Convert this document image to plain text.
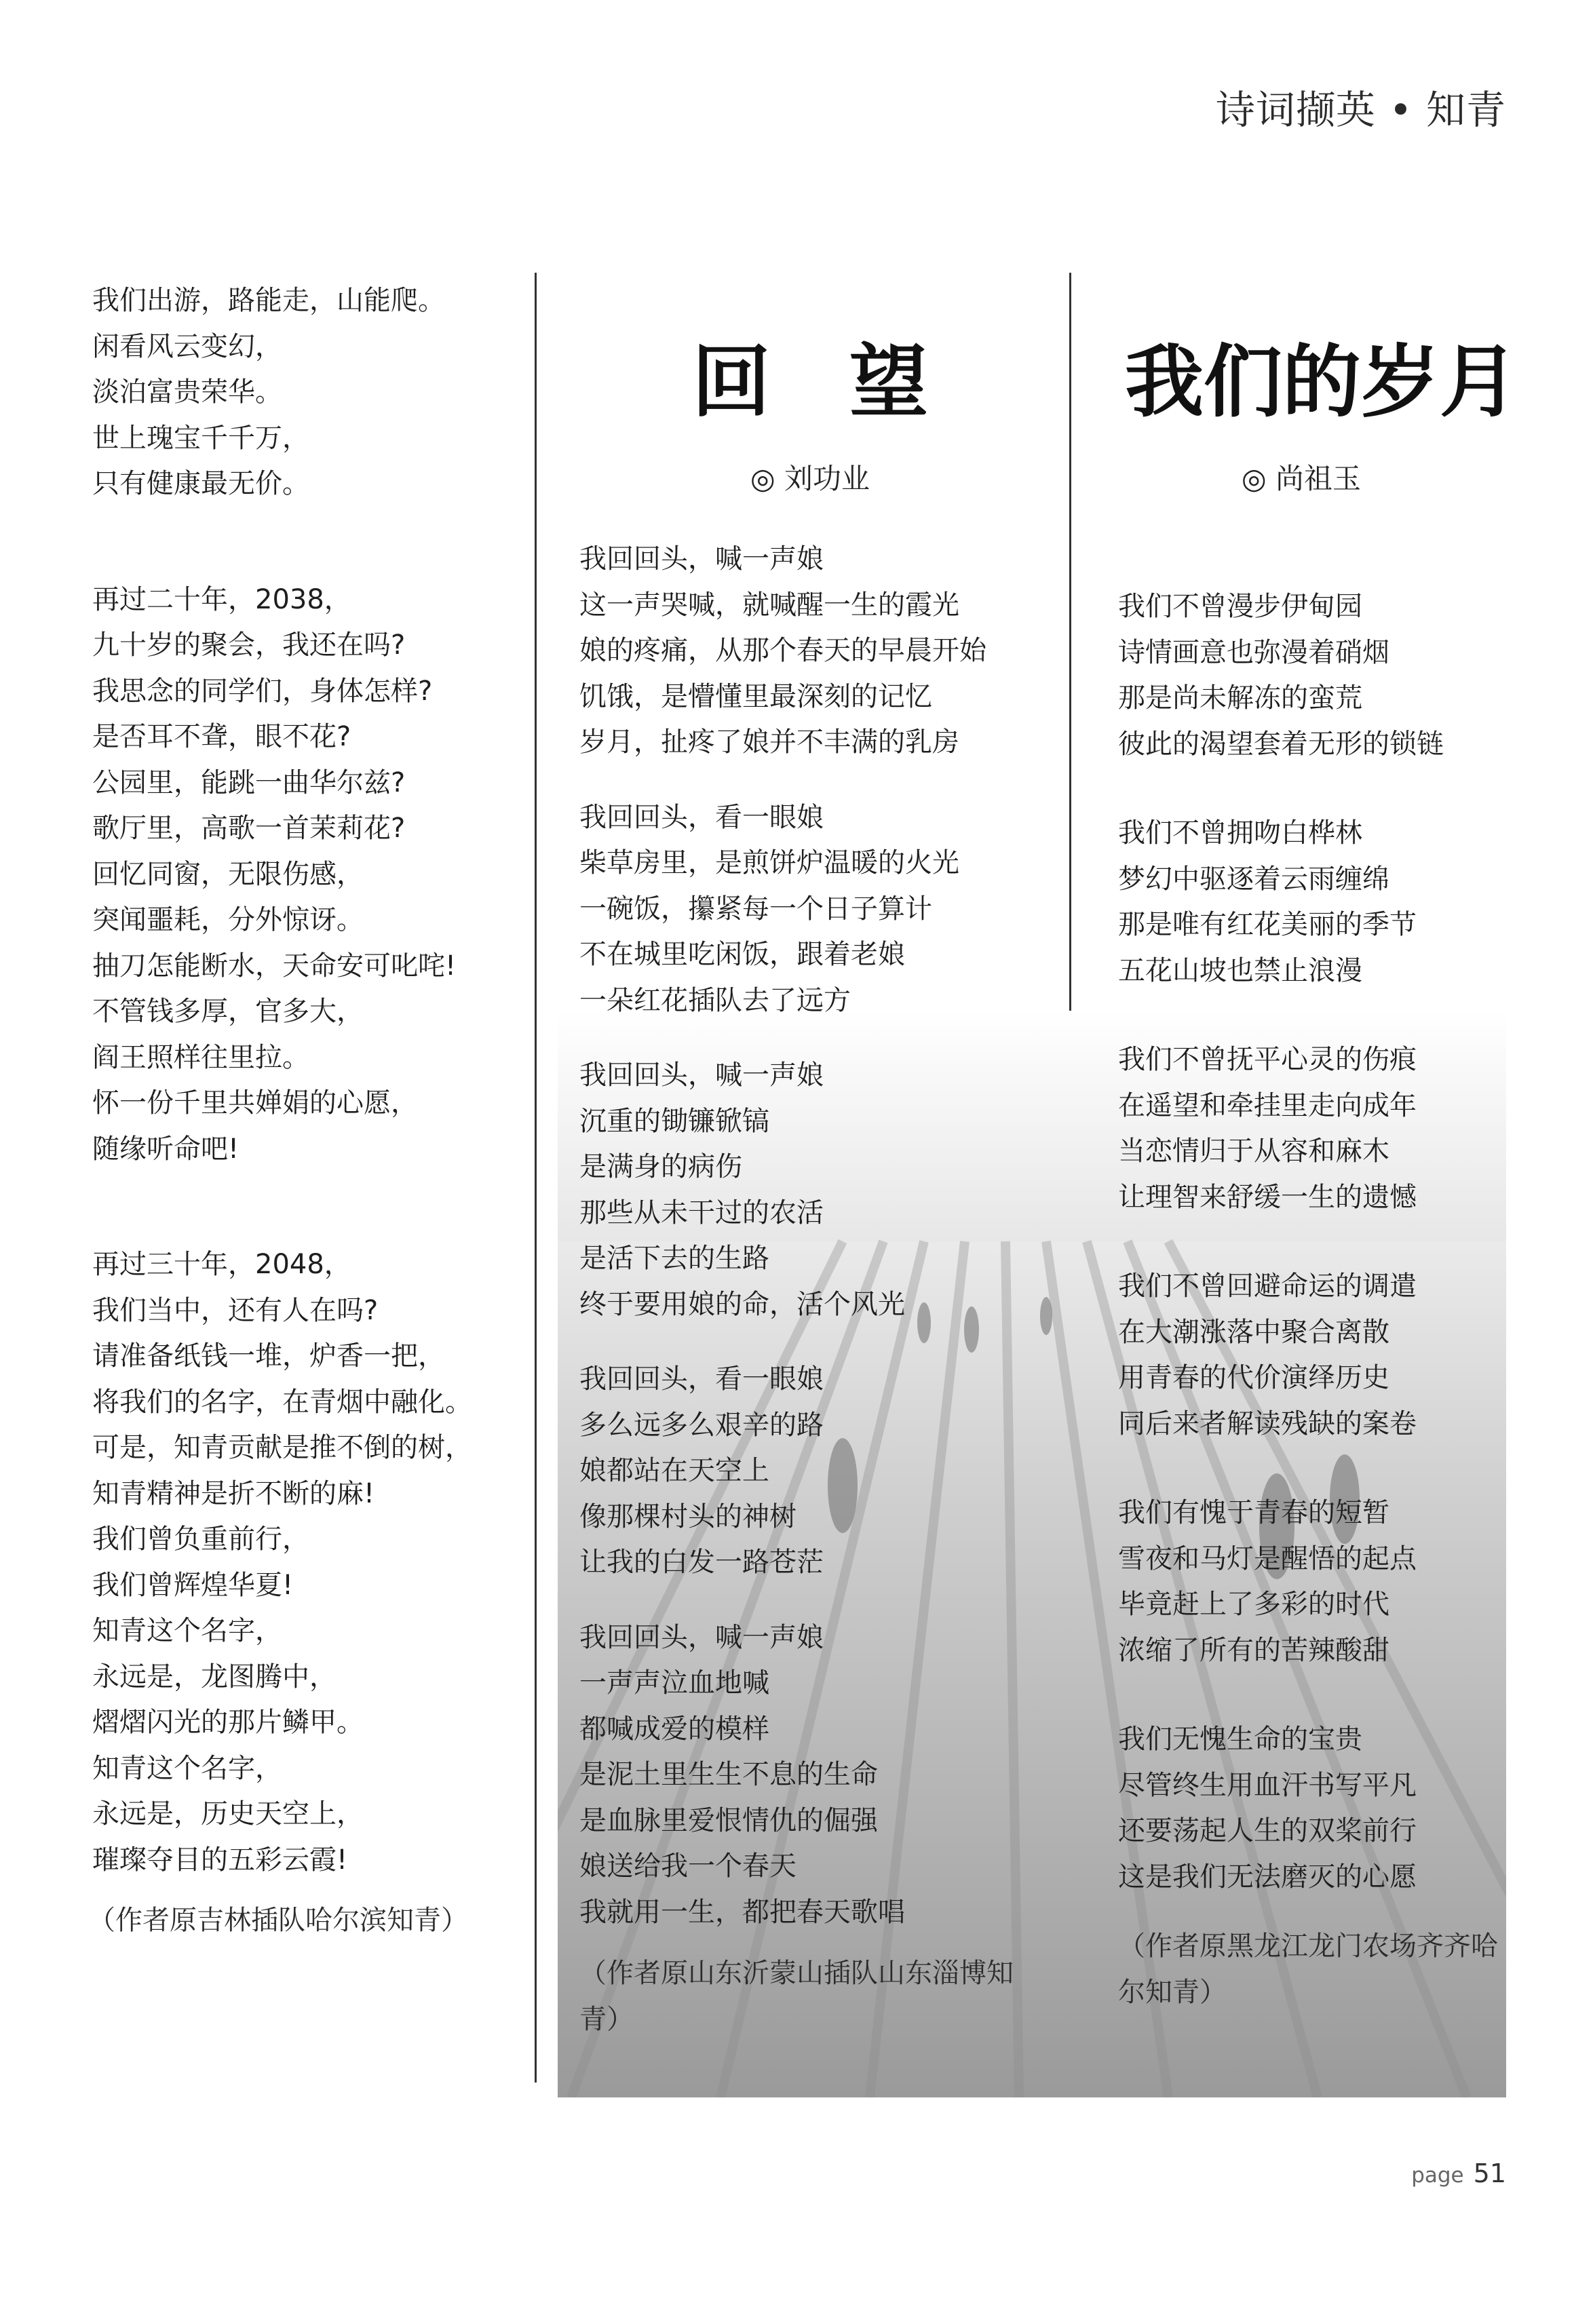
诗词撷英 • 知青
我们出游，路能走，山能爬。
闲看风云变幻，
淡泊富贵荣华。
世上瑰宝千千万，
只有健康最无价。
再过二十年，2038，
九十岁的聚会，我还在吗?
我思念的同学们，身体怎样?
是否耳不聋，眼不花?
公园里，能跳一曲华尔兹?
歌厅里，高歌一首茉莉花?
回忆同窗，无限伤感，
突闻噩耗，分外惊讶。
抽刀怎能断水，天命安可叱咤!
不管钱多厚，官多大，
阎王照样往里拉。
怀一份千里共婵娟的心愿，
随缘听命吧!
再过三十年，2048，
我们当中，还有人在吗?
请准备纸钱一堆，炉香一把，
将我们的名字，在青烟中融化。
可是，知青贡献是推不倒的树，
知青精神是折不断的麻!
我们曾负重前行，
我们曾辉煌华夏!
知青这个名字，
永远是，龙图腾中，
熠熠闪光的那片鳞甲。
知青这个名字，
永远是，历史天空上，
璀璨夺目的五彩云霞!
（作者原吉林插队哈尔滨知青）
回　望
◎ 刘功业
我回回头，喊一声娘
这一声哭喊，就喊醒一生的霞光
娘的疼痛，从那个春天的早晨开始
饥饿，是懵懂里最深刻的记忆
岁月，扯疼了娘并不丰满的乳房
我回回头，看一眼娘
柴草房里，是煎饼炉温暖的火光
一碗饭，攥紧每一个日子算计
不在城里吃闲饭，跟着老娘
一朵红花插队去了远方
我回回头，喊一声娘
沉重的锄镰锨镐
是满身的病伤
那些从未干过的农活
是活下去的生路
终于要用娘的命，活个风光
我回回头，看一眼娘
多么远多么艰辛的路
娘都站在天空上
像那棵村头的神树
让我的白发一路苍茫
我回回头，喊一声娘
一声声泣血地喊
都喊成爱的模样
是泥土里生生不息的生命
是血脉里爱恨情仇的倔强
娘送给我一个春天
我就用一生，都把春天歌唱
（作者原山东沂蒙山插队山东淄博知青）
我们的岁月
◎ 尚祖玉
我们不曾漫步伊甸园
诗情画意也弥漫着硝烟
那是尚未解冻的蛮荒
彼此的渴望套着无形的锁链
我们不曾拥吻白桦林
梦幻中驱逐着云雨缠绵
那是唯有红花美丽的季节
五花山坡也禁止浪漫
我们不曾抚平心灵的伤痕
在遥望和牵挂里走向成年
当恋情归于从容和麻木
让理智来舒缓一生的遗憾
我们不曾回避命运的调遣
在大潮涨落中聚合离散
用青春的代价演绎历史
同后来者解读残缺的案卷
我们有愧于青春的短暂
雪夜和马灯是醒悟的起点
毕竟赶上了多彩的时代
浓缩了所有的苦辣酸甜
我们无愧生命的宝贵
尽管终生用血汗书写平凡
还要荡起人生的双桨前行
这是我们无法磨灭的心愿
（作者原黑龙江龙门农场齐齐哈尔知青）
page 51
